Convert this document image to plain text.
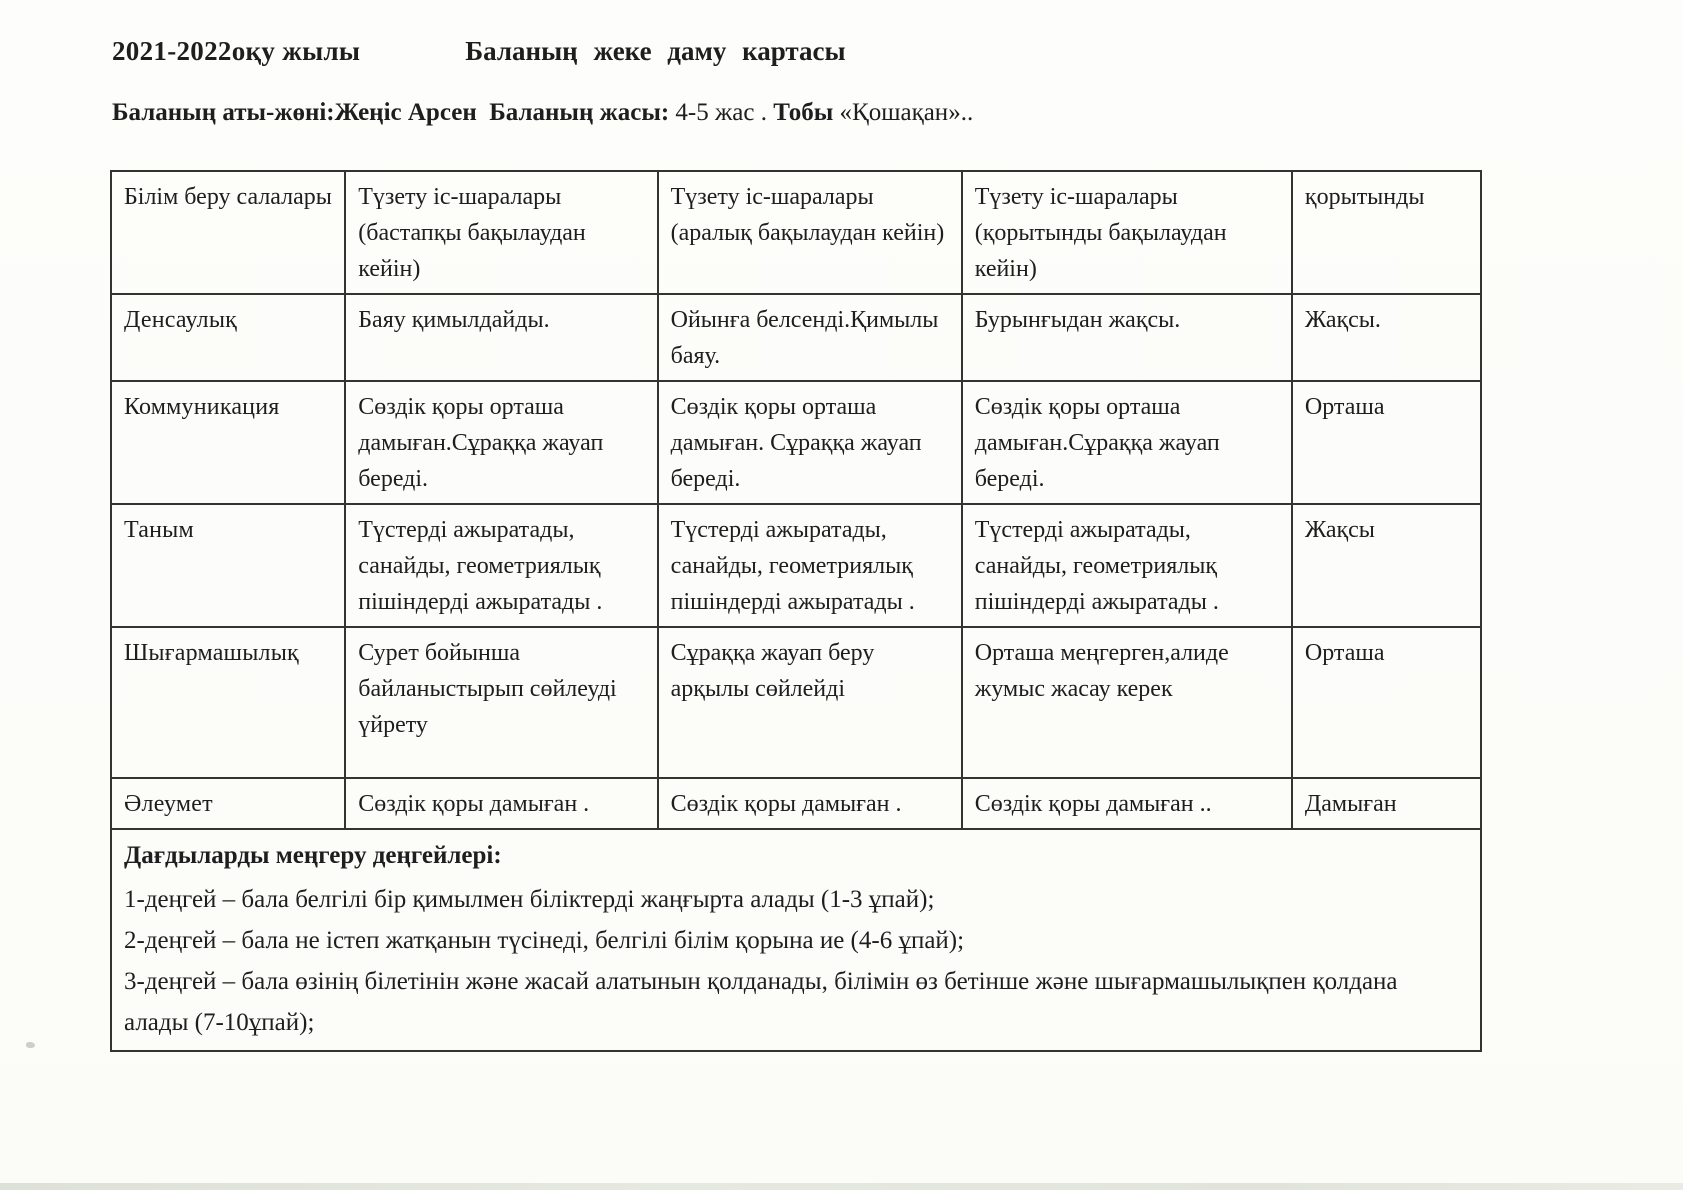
2021-2022оқу жылы	Баланың жеке даму картасы
Баланың аты-жөні:Жеңіс Арсен Баланың жасы: 4-5 жас . Тобы «Қошақан»..
Білім беру салалары	Түзету іс-шаралары (бастапқы бақылаудан кейін)	Түзету іс-шаралары (аралық бақылаудан кейін)	Түзету іс-шаралары (қорытынды бақылаудан кейін)	қорытынды
Денсаулық	Баяу қимылдайды.	Ойынға белсенді.Қимылы баяу.	Бурынғыдан жақсы.	Жақсы.
Коммуникация	Сөздік қоры орташа дамыған.Сұраққа жауап береді.	Сөздік қоры орташа дамыған. Сұраққа жауап береді.	Сөздік қоры орташа дамыған.Сұраққа жауап береді.	Орташа
Таным	Түстерді ажыратады, санайды, геометриялық пішіндерді ажыратады .	Түстерді ажыратады, санайды, геометриялық пішіндерді ажыратады .	Түстерді ажыратады, санайды, геометриялық пішіндерді ажыратады .	Жақсы
Шығармашылық	Сурет бойынша байланыстырып сөйлеуді үйрету	Сұраққа жауап беру арқылы сөйлейді	Орташа меңгерген,алиде жумыс жасау керек	Орташа
Әлеумет	Сөздік қоры дамыған .	Сөздік қоры дамыған .	Сөздік қоры дамыған ..	Дамыған

Дағдыларды меңгеру деңгейлері:
1-деңгей – бала белгілі бір қимылмен біліктерді жаңғырта алады (1-3 ұпай);
2-деңгей – бала не істеп жатқанын түсінеді, белгілі білім қорына ие (4-6 ұпай);
3-деңгей – бала өзінің білетінін және жасай алатынын қолданады, білімін өз бетінше және шығармашылықпен қолдана алады (7-10ұпай);				
